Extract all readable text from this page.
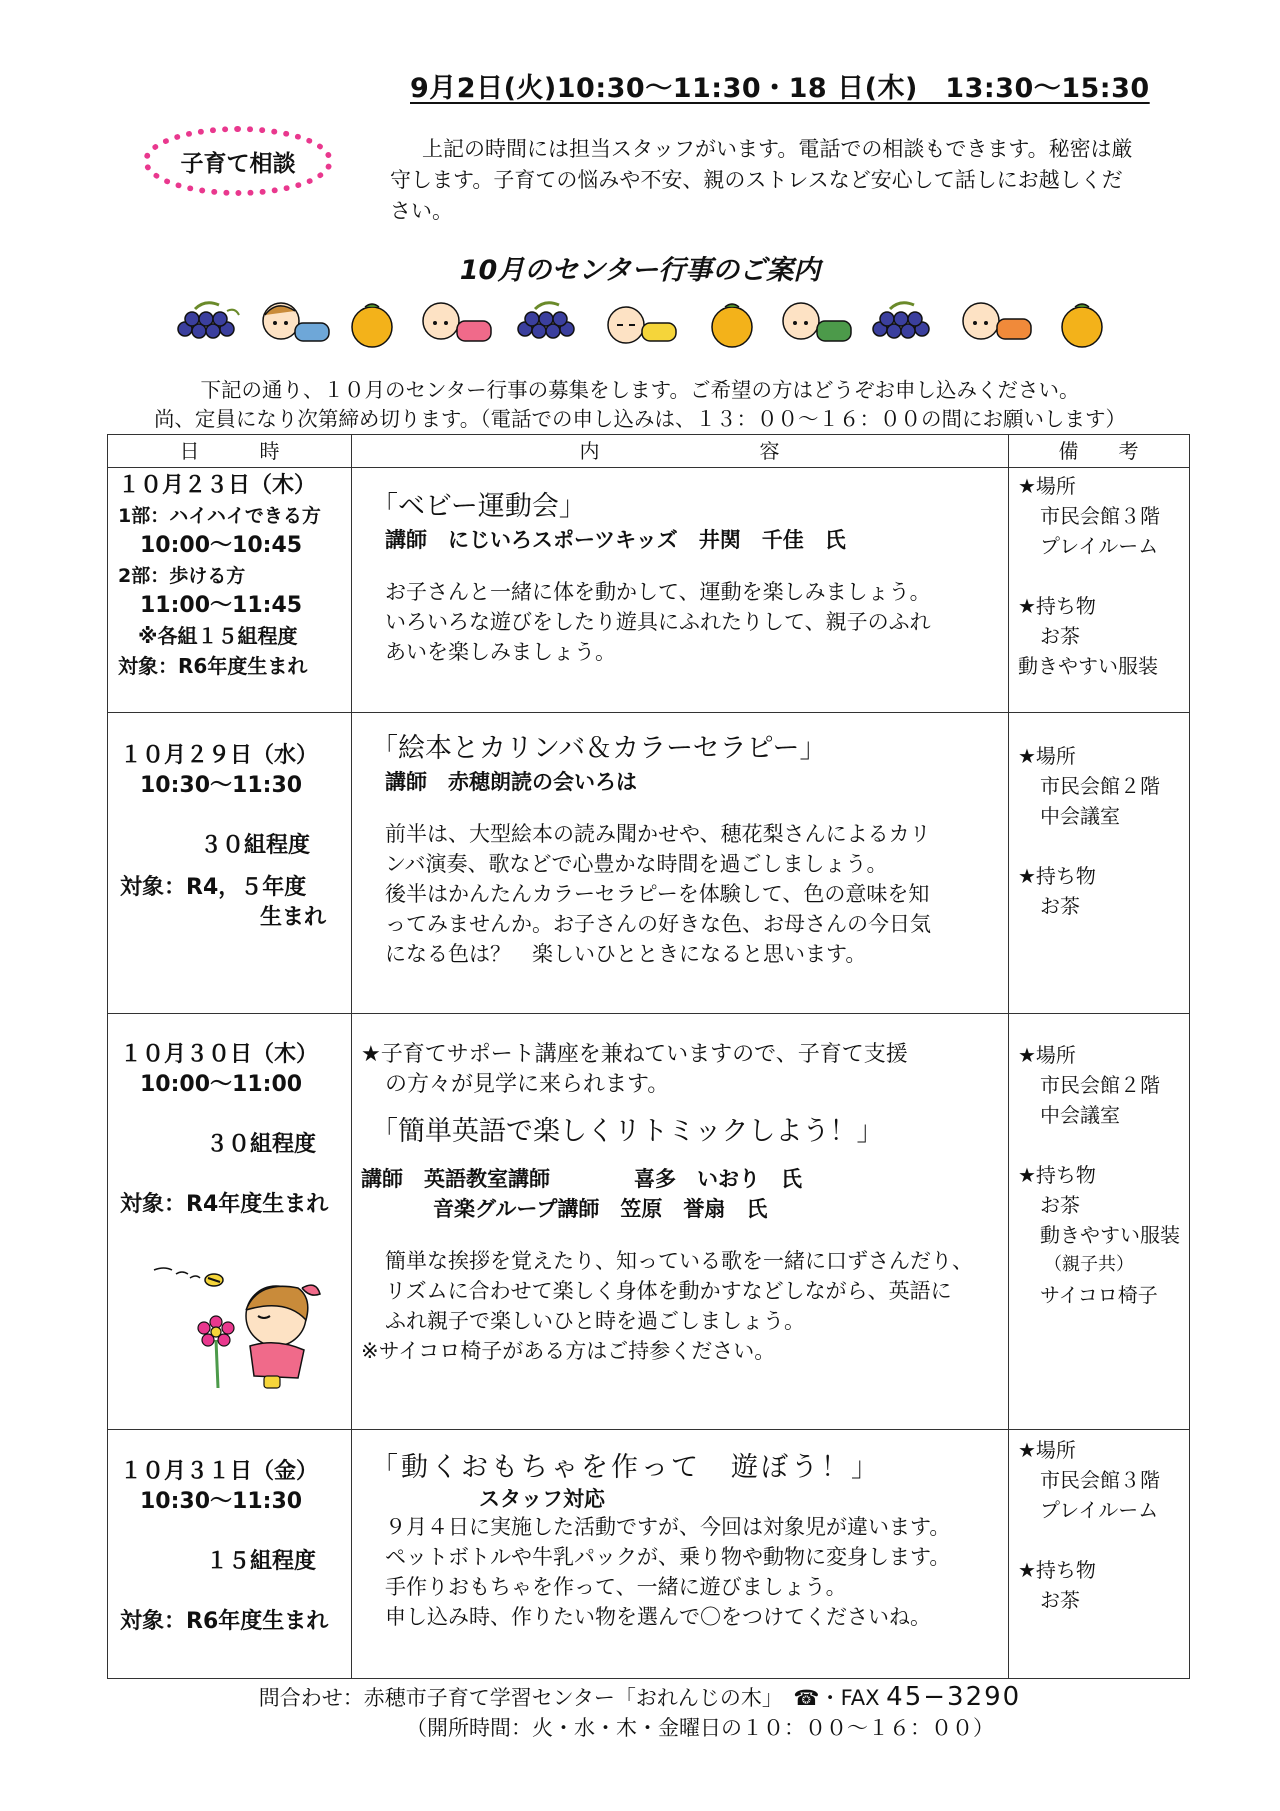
9月2日(火)10:30～11:30・18 日(木)　13:30～15:30
子育て相談
上記の時間には担当スタッフがいます。電話での相談もできます。秘密は厳
守します。子育ての悩みや不安、親のストレスなど安心して話しにお越しくだ
さい。
10月のセンター行事のご案内
下記の通り、１０月のセンター行事の募集をします。ご希望の方はどうぞお申し込みください。
尚、定員になり次第締め切ります。（電話での申し込みは、１３：００～１６：００の間にお願いします）
日　　　時	内　　　　　　　　容	備　　考
１０月２３日（木）
1部：ハイハイできる方
10:00～10:45
2部：歩ける方
11:00～11:45
※各組１５組程度
対象：R6年度生まれ
「ベビー運動会」
講師　にじいろスポーツキッズ　井関　千佳　氏
お子さんと一緒に体を動かして、運動を楽しみましょう。
いろいろな遊びをしたり遊具にふれたりして、親子のふれ
あいを楽しみましょう。
★場所
市民会館３階
プレイルーム
★持ち物
お茶
動きやすい服装
１０月２９日（水）
10:30～11:30
３０組程度
対象：R4，５年度
生まれ
「絵本とカリンバ＆カラーセラピー」
講師　赤穂朗読の会いろは
前半は、大型絵本の読み聞かせや、穂花梨さんによるカリ
ンバ演奏、歌などで心豊かな時間を過ごしましょう。
後半はかんたんカラーセラピーを体験して、色の意味を知
ってみませんか。お子さんの好きな色、お母さんの今日気
になる色は？　楽しいひとときになると思います。
★場所
市民会館２階
中会議室
★持ち物
お茶
１０月３０日（木）
10:00～11:00
３０組程度
対象：R4年度生まれ
★子育てサポート講座を兼ねていますので、子育て支援
の方々が見学に来られます。
「簡単英語で楽しくリトミックしよう！」
講師　英語教室講師　　　　喜多　いおり　氏
音楽グループ講師　笠原　誉扇　氏
簡単な挨拶を覚えたり、知っている歌を一緒に口ずさんだり、
リズムに合わせて楽しく身体を動かすなどしながら、英語に
ふれ親子で楽しいひと時を過ごしましょう。
※サイコロ椅子がある方はご持参ください。
★場所
市民会館２階
中会議室
★持ち物
お茶
動きやすい服装
（親子共）
サイコロ椅子
１０月３１日（金）
10:30～11:30
１５組程度
対象：R6年度生まれ
「動くおもちゃを作って　遊ぼう！」
スタッフ対応
９月４日に実施した活動ですが、今回は対象児が違います。
ペットボトルや牛乳パックが、乗り物や動物に変身します。
手作りおもちゃを作って、一緒に遊びましょう。
申し込み時、作りたい物を選んで〇をつけてくださいね。
★場所
市民会館３階
プレイルーム
★持ち物
お茶
問合わせ：赤穂市子育て学習センター「おれんじの木」　☎・FAX 45−3290
（開所時間：火・水・木・金曜日の１０：００～１６：００）
